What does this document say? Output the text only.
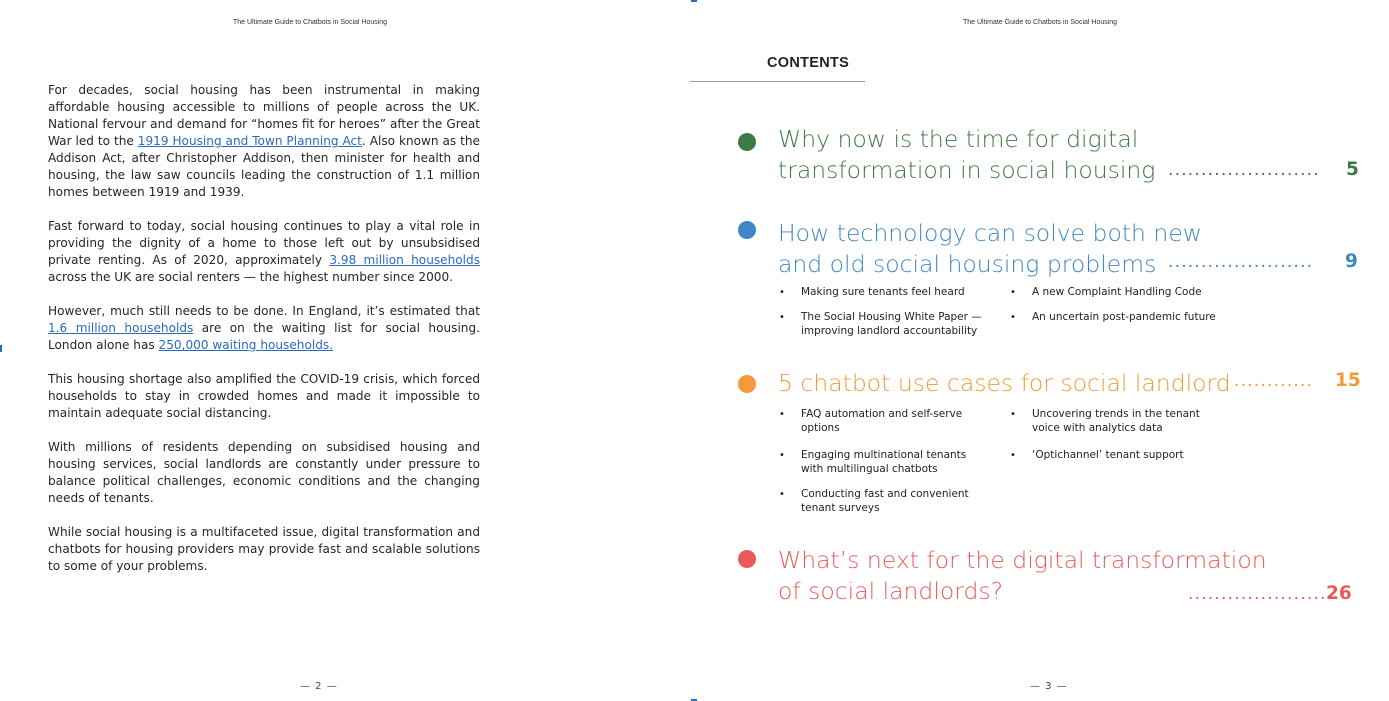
The Ultimate Guide to Chatbots in Social Housing

For decades, social housing has been instrumental in making affordable housing accessible to millions of people across the UK. National fervour and demand for “homes fit for heroes” after the Great War led to the 1919 Housing and Town Planning Act. Also known as the Addison Act, after Christopher Addison, then minister for health and housing, the law saw councils leading the construction of 1.1 million homes between 1919 and 1939.

Fast forward to today, social housing continues to play a vital role in providing the dignity of a home to those left out by unsubsidised private renting. As of 2020, approximately 3.98 million households across the UK are social renters — the highest number since 2000.

However, much still needs to be done. In England, it’s estimated that 1.6 million households are on the waiting list for social housing. London alone has 250,000 waiting households.

This housing shortage also amplified the COVID-19 crisis, which forced households to stay in crowded homes and made it impossible to maintain adequate social distancing.

With millions of residents depending on subsidised housing and housing services, social landlords are constantly under pressure to balance political challenges, economic conditions and the changing needs of tenants.

While social housing is a multifaceted issue, digital transformation and chatbots for housing providers may provide fast and scalable solutions to some of your problems.

— 2 —
The Ultimate Guide to Chatbots in Social Housing
CONTENTS
Why now is the time for digital
transformation in social housing ....................... 5
How technology can solve both new
and old social housing problems ...................... 9
• Making sure tenants feel heard	• A new Complaint Handling Code
• The Social Housing White Paper — improving landlord accountability
• An uncertain post-pandemic future
5 chatbot use cases for social landlord ............ 15
• FAQ automation and self-serve options
• Uncovering trends in the tenant voice with analytics data
• Engaging multinational tenants with multilingual chatbots
• ‘Optichannel’ tenant support
• Conducting fast and convenient tenant surveys
What’s next for the digital transformation
of social landlords?	......................
26
— 3 —
